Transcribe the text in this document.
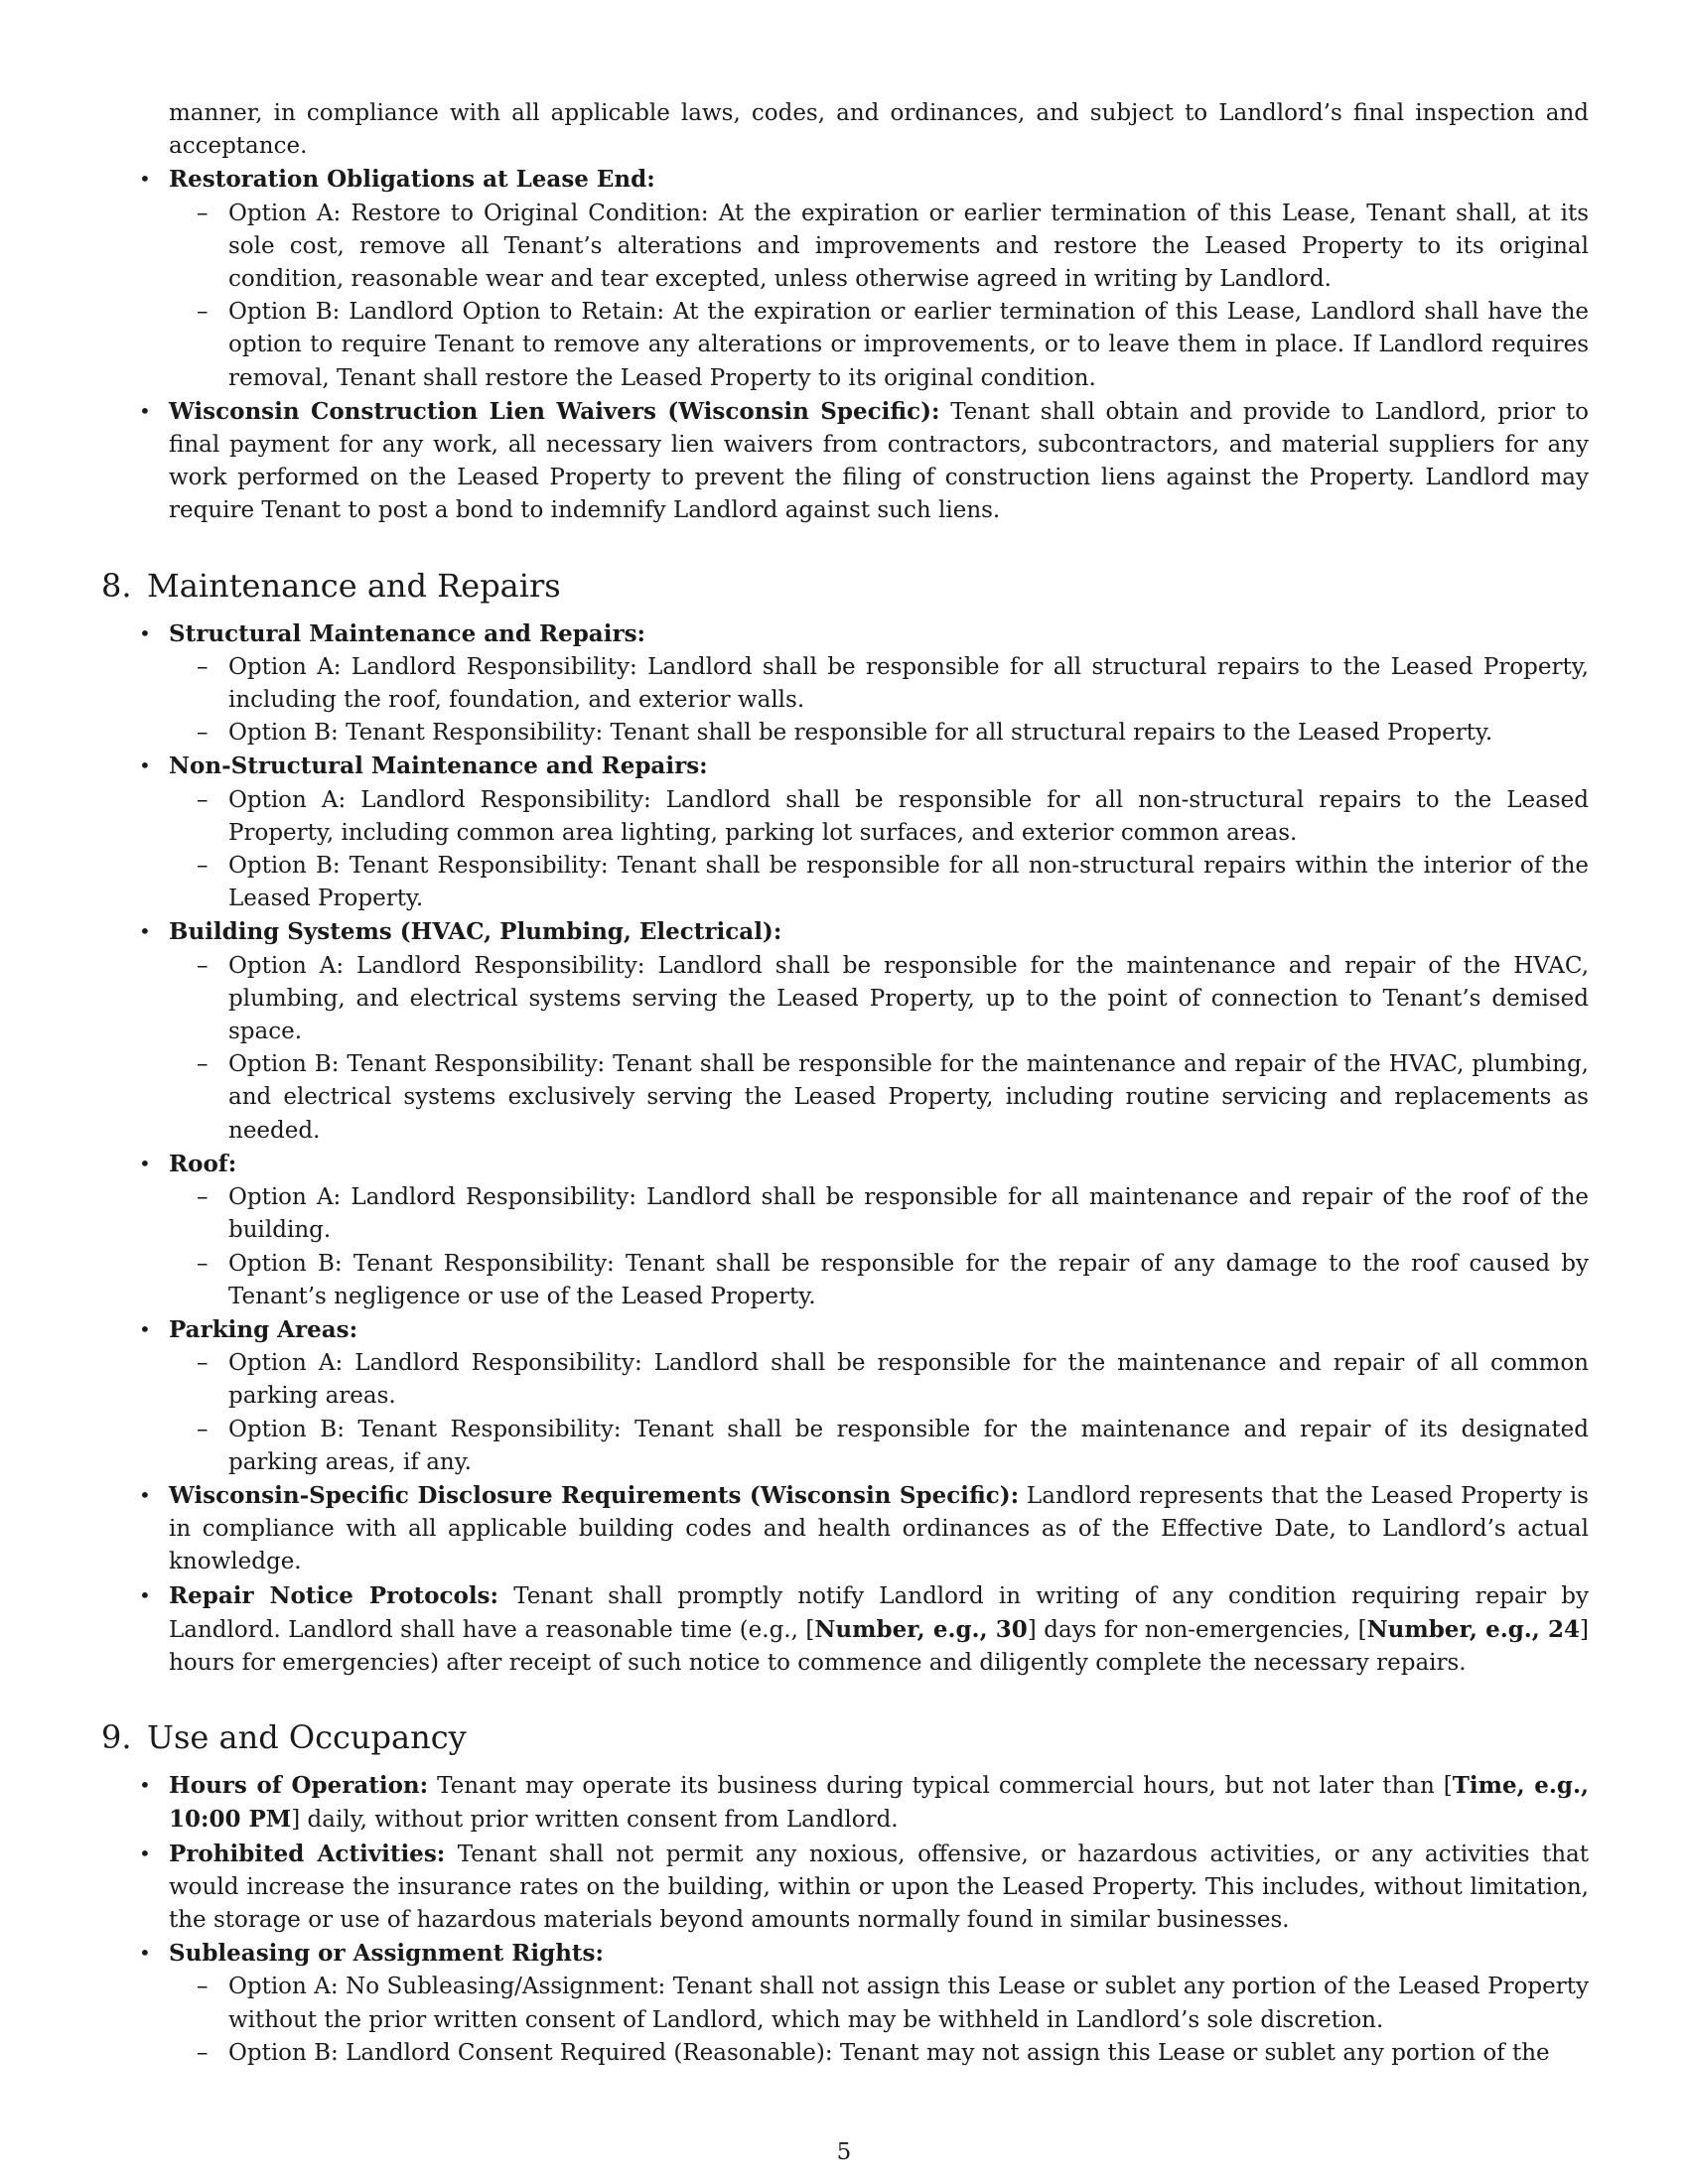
manner, in compliance with all applicable laws, codes, and ordinances, and subject to Landlord’s final inspection and acceptance.

• Restoration Obligations at Lease End:
– Option A: Restore to Original Condition: At the expiration or earlier termination of this Lease, Tenant shall, at its sole cost, remove all Tenant’s alterations and improvements and restore the Leased Property to its original condition, reasonable wear and tear excepted, unless otherwise agreed in writing by Landlord.
– Option B: Landlord Option to Retain: At the expiration or earlier termination of this Lease, Landlord shall have the option to require Tenant to remove any alterations or improvements, or to leave them in place. If Landlord requires removal, Tenant shall restore the Leased Property to its original condition.
• Wisconsin Construction Lien Waivers (Wisconsin Specific): Tenant shall obtain and provide to Landlord, prior to final payment for any work, all necessary lien waivers from contractors, subcontractors, and material suppliers for any work performed on the Leased Property to prevent the filing of construction liens against the Property. Landlord may require Tenant to post a bond to indemnify Landlord against such liens.
8. Maintenance and Repairs
• Structural Maintenance and Repairs:
– Option A: Landlord Responsibility: Landlord shall be responsible for all structural repairs to the Leased Property, including the roof, foundation, and exterior walls.
– Option B: Tenant Responsibility: Tenant shall be responsible for all structural repairs to the Leased Property.
• Non-Structural Maintenance and Repairs:
– Option A: Landlord Responsibility: Landlord shall be responsible for all non-structural repairs to the Leased Property, including common area lighting, parking lot surfaces, and exterior common areas.
– Option B: Tenant Responsibility: Tenant shall be responsible for all non-structural repairs within the interior of the Leased Property.
• Building Systems (HVAC, Plumbing, Electrical):
– Option A: Landlord Responsibility: Landlord shall be responsible for the maintenance and repair of the HVAC, plumbing, and electrical systems serving the Leased Property, up to the point of connection to Tenant’s demised space.
– Option B: Tenant Responsibility: Tenant shall be responsible for the maintenance and repair of the HVAC, plumbing, and electrical systems exclusively serving the Leased Property, including routine servicing and replacements as needed.
• Roof:
– Option A: Landlord Responsibility: Landlord shall be responsible for all maintenance and repair of the roof of the building.
– Option B: Tenant Responsibility: Tenant shall be responsible for the repair of any damage to the roof caused by Tenant’s negligence or use of the Leased Property.
• Parking Areas:
– Option A: Landlord Responsibility: Landlord shall be responsible for the maintenance and repair of all common parking areas.
– Option B: Tenant Responsibility: Tenant shall be responsible for the maintenance and repair of its designated parking areas, if any.
• Wisconsin-Specific Disclosure Requirements (Wisconsin Specific): Landlord represents that the Leased Property is in compliance with all applicable building codes and health ordinances as of the Effective Date, to Landlord’s actual knowledge.
• Repair Notice Protocols: Tenant shall promptly notify Landlord in writing of any condition requiring repair by Landlord. Landlord shall have a reasonable time (e.g., [Number, e.g., 30] days for non-emergencies, [Number, e.g., 24] hours for emergencies) after receipt of such notice to commence and diligently complete the necessary repairs.
9. Use and Occupancy
• Hours of Operation: Tenant may operate its business during typical commercial hours, but not later than [Time, e.g., 10:00 PM] daily, without prior written consent from Landlord.
• Prohibited Activities: Tenant shall not permit any noxious, offensive, or hazardous activities, or any activities that would increase the insurance rates on the building, within or upon the Leased Property. This includes, without limitation, the storage or use of hazardous materials beyond amounts normally found in similar businesses.
• Subleasing or Assignment Rights:
– Option A: No Subleasing/Assignment: Tenant shall not assign this Lease or sublet any portion of the Leased Property without the prior written consent of Landlord, which may be withheld in Landlord’s sole discretion.
– Option B: Landlord Consent Required (Reasonable): Tenant may not assign this Lease or sublet any portion of the
5
